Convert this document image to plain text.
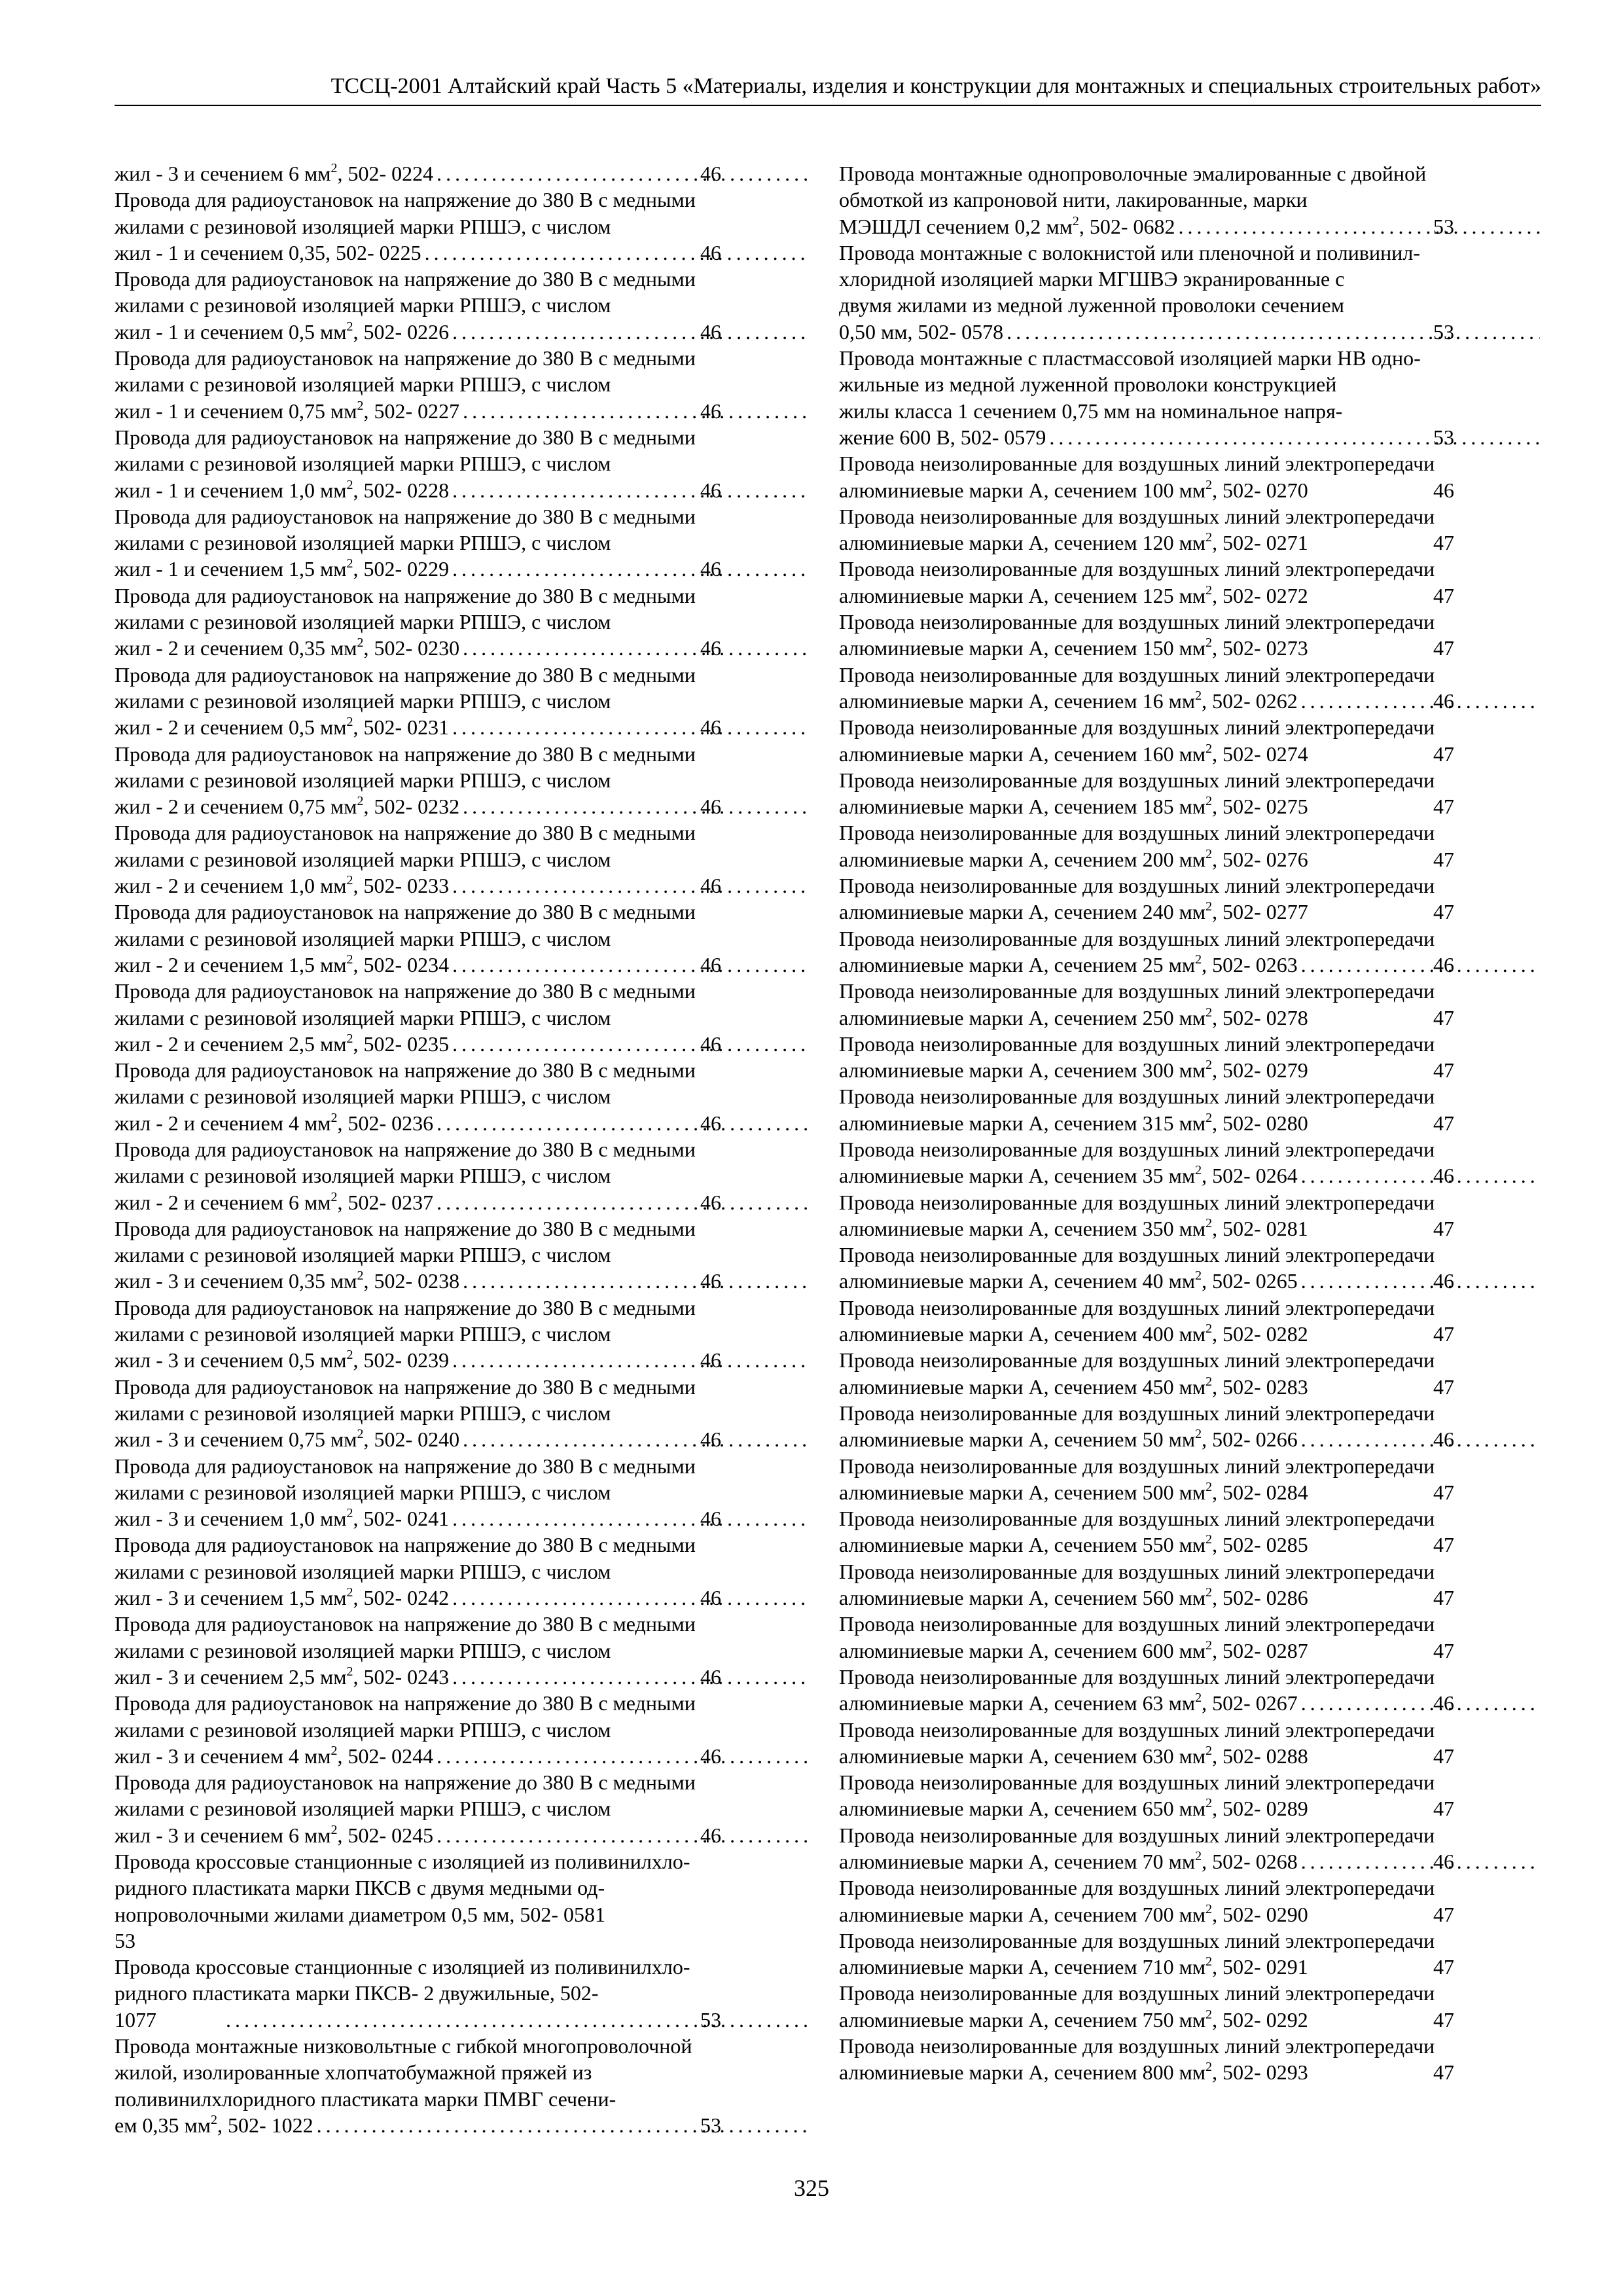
ТССЦ-2001 Алтайский край Часть 5 «Материалы, изделия и конструкции для монтажных и специальных строительных работ»
жил - 3 и сечением 6 $мм^2$, 502- 0224 . . .	46
Провода для радиоустановок на напряжение до 380 В с медными
жилами с резиновой изоляцией марки РПШЭ, с числом
жил - 1 и сечением 0,35, 502- 0225 . . .	46
Провода для радиоустановок на напряжение до 380 В с медными
жилами с резиновой изоляцией марки РПШЭ, с числом
жил - 1 и сечением 0,5 $мм^2$, 502- 0226 . . .	46
Провода для радиоустановок на напряжение до 380 В с медными
жилами с резиновой изоляцией марки РПШЭ, с числом
жил - 1 и сечением 0,75 $мм^2$, 502- 0227 . . .	46
Провода для радиоустановок на напряжение до 380 В с медными
жилами с резиновой изоляцией марки РПШЭ, с числом
жил - 1 и сечением 1,0 $мм^2$, 502- 0228 . . .	46
Провода для радиоустановок на напряжение до 380 В с медными
жилами с резиновой изоляцией марки РПШЭ, с числом
жил - 1 и сечением 1,5 $мм^2$, 502- 0229 . . .	46
Провода для радиоустановок на напряжение до 380 В с медными
жилами с резиновой изоляцией марки РПШЭ, с числом
жил - 2 и сечением 0,35 $мм^2$, 502- 0230 . . .	46
Провода для радиоустановок на напряжение до 380 В с медными
жилами с резиновой изоляцией марки РПШЭ, с числом
жил - 2 и сечением 0,5 $мм^2$, 502- 0231 . . .	46
Провода для радиоустановок на напряжение до 380 В с медными
жилами с резиновой изоляцией марки РПШЭ, с числом
жил - 2 и сечением 0,75 $мм^2$, 502- 0232 . . .	46
Провода для радиоустановок на напряжение до 380 В с медными
жилами с резиновой изоляцией марки РПШЭ, с числом
жил - 2 и сечением 1,0 $мм^2$, 502- 0233 . . .	46
Провода для радиоустановок на напряжение до 380 В с медными
жилами с резиновой изоляцией марки РПШЭ, с числом
жил - 2 и сечением 1,5 $мм^2$, 502- 0234 . . .	46
Провода для радиоустановок на напряжение до 380 В с медными
жилами с резиновой изоляцией марки РПШЭ, с числом
жил - 2 и сечением 2,5 $мм^2$, 502- 0235 . . .	46
Провода для радиоустановок на напряжение до 380 В с медными
жилами с резиновой изоляцией марки РПШЭ, с числом
жил - 2 и сечением 4 $мм^2$, 502- 0236 . . .	46
Провода для радиоустановок на напряжение до 380 В с медными
жилами с резиновой изоляцией марки РПШЭ, с числом
жил - 2 и сечением 6 $мм^2$, 502- 0237 . . .	46
Провода для радиоустановок на напряжение до 380 В с медными
жилами с резиновой изоляцией марки РПШЭ, с числом
жил - 3 и сечением 0,35 $мм^2$, 502- 0238 . . .	46
Провода для радиоустановок на напряжение до 380 В с медными
жилами с резиновой изоляцией марки РПШЭ, с числом
жил - 3 и сечением 0,5 $мм^2$, 502- 0239 . . .	46
Провода для радиоустановок на напряжение до 380 В с медными
жилами с резиновой изоляцией марки РПШЭ, с числом
жил - 3 и сечением 0,75 $мм^2$, 502- 0240 . . .	46
Провода для радиоустановок на напряжение до 380 В с медными
жилами с резиновой изоляцией марки РПШЭ, с числом
жил - 3 и сечением 1,0 $мм^2$, 502- 0241 . . .	46
Провода для радиоустановок на напряжение до 380 В с медными
жилами с резиновой изоляцией марки РПШЭ, с числом
жил - 3 и сечением 1,5 $мм^2$, 502- 0242 . . .	46
Провода для радиоустановок на напряжение до 380 В с медными
жилами с резиновой изоляцией марки РПШЭ, с числом
жил - 3 и сечением 2,5 $мм^2$, 502- 0243 . . .	46
Провода для радиоустановок на напряжение до 380 В с медными
жилами с резиновой изоляцией марки РПШЭ, с числом
жил - 3 и сечением 4 $мм^2$, 502- 0244 . . .	46
Провода для радиоустановок на напряжение до 380 В с медными
жилами с резиновой изоляцией марки РПШЭ, с числом
жил - 3 и сечением 6 $мм^2$, 502- 0245 . . .	46
Провода кроссовые станционные с изоляцией из поливинилхло-
ридного пластиката марки ПКСВ с двумя медными од-
нопроволочными жилами диаметром 0,5 мм, 502- 0581
53
Провода кроссовые станционные с изоляцией из поливинилхло-
ридного пластиката марки ПКСВ- 2 двужильные, 502-
1077 . . .	53
Провода монтажные низковольтные с гибкой многопроволочной
жилой, изолированные хлопчатобумажной пряжей из
поливинилхлоридного пластиката марки ПМВГ сечени-
ем 0,35 $мм^2$, 502- 1022 . . .	53
Провода монтажные однопроволочные эмалированные с двойной
обмоткой из капроновой нити, лакированные, марки
МЭШДЛ сечением 0,2 $мм^2$, 502- 0682 . . .	53
Провода монтажные с волокнистой или пленочной и поливинил-
хлоридной изоляцией марки МГШВЭ экранированные с
двумя жилами из медной луженной проволоки сечением
0,50 мм, 502- 0578 . . .	53
Провода монтажные с пластмассовой изоляцией марки НВ одно-
жильные из медной луженной проволоки конструкцией
жилы класса 1 сечением 0,75 мм на номинальное напря-
жение 600 В, 502- 0579 . . .	53
Провода неизолированные для воздушных линий электропередачи
алюминиевые марки А, сечением 100 $мм^2$, 502- 0270	46
Провода неизолированные для воздушных линий электропередачи
алюминиевые марки А, сечением 120 $мм^2$, 502- 0271	47
Провода неизолированные для воздушных линий электропередачи
алюминиевые марки А, сечением 125 $мм^2$, 502- 0272	47
Провода неизолированные для воздушных линий электропередачи
алюминиевые марки А, сечением 150 $мм^2$, 502- 0273	47
Провода неизолированные для воздушных линий электропередачи
алюминиевые марки А, сечением 16 $мм^2$, 502- 0262 . . .	46
Провода неизолированные для воздушных линий электропередачи
алюминиевые марки А, сечением 160 $мм^2$, 502- 0274	47
Провода неизолированные для воздушных линий электропередачи
алюминиевые марки А, сечением 185 $мм^2$, 502- 0275	47
Провода неизолированные для воздушных линий электропередачи
алюминиевые марки А, сечением 200 $мм^2$, 502- 0276	47
Провода неизолированные для воздушных линий электропередачи
алюминиевые марки А, сечением 240 $мм^2$, 502- 0277	47
Провода неизолированные для воздушных линий электропередачи
алюминиевые марки А, сечением 25 $мм^2$, 502- 0263 . . .	46
Провода неизолированные для воздушных линий электропередачи
алюминиевые марки А, сечением 250 $мм^2$, 502- 0278	47
Провода неизолированные для воздушных линий электропередачи
алюминиевые марки А, сечением 300 $мм^2$, 502- 0279	47
Провода неизолированные для воздушных линий электропередачи
алюминиевые марки А, сечением 315 $мм^2$, 502- 0280	47
Провода неизолированные для воздушных линий электропередачи
алюминиевые марки А, сечением 35 $мм^2$, 502- 0264 . . .	46
Провода неизолированные для воздушных линий электропередачи
алюминиевые марки А, сечением 350 $мм^2$, 502- 0281	47
Провода неизолированные для воздушных линий электропередачи
алюминиевые марки А, сечением 40 $мм^2$, 502- 0265 . . .	46
Провода неизолированные для воздушных линий электропередачи
алюминиевые марки А, сечением 400 $мм^2$, 502- 0282	47
Провода неизолированные для воздушных линий электропередачи
алюминиевые марки А, сечением 450 $мм^2$, 502- 0283	47
Провода неизолированные для воздушных линий электропередачи
алюминиевые марки А, сечением 50 $мм^2$, 502- 0266 . . .	46
Провода неизолированные для воздушных линий электропередачи
алюминиевые марки А, сечением 500 $мм^2$, 502- 0284	47
Провода неизолированные для воздушных линий электропередачи
алюминиевые марки А, сечением 550 $мм^2$, 502- 0285	47
Провода неизолированные для воздушных линий электропередачи
алюминиевые марки А, сечением 560 $мм^2$, 502- 0286	47
Провода неизолированные для воздушных линий электропередачи
алюминиевые марки А, сечением 600 $мм^2$, 502- 0287	47
Провода неизолированные для воздушных линий электропередачи
алюминиевые марки А, сечением 63 $мм^2$, 502- 0267 . . .	46
Провода неизолированные для воздушных линий электропередачи
алюминиевые марки А, сечением 630 $мм^2$, 502- 0288	47
Провода неизолированные для воздушных линий электропередачи
алюминиевые марки А, сечением 650 $мм^2$, 502- 0289	47
Провода неизолированные для воздушных линий электропередачи
алюминиевые марки А, сечением 70 $мм^2$, 502- 0268 . . .	46
Провода неизолированные для воздушных линий электропередачи
алюминиевые марки А, сечением 700 $мм^2$, 502- 0290	47
Провода неизолированные для воздушных линий электропередачи
алюминиевые марки А, сечением 710 $мм^2$, 502- 0291	47
Провода неизолированные для воздушных линий электропередачи
алюминиевые марки А, сечением 750 $мм^2$, 502- 0292	47
Провода неизолированные для воздушных линий электропередачи
алюминиевые марки А, сечением 800 $мм^2$, 502- 0293	47
325
